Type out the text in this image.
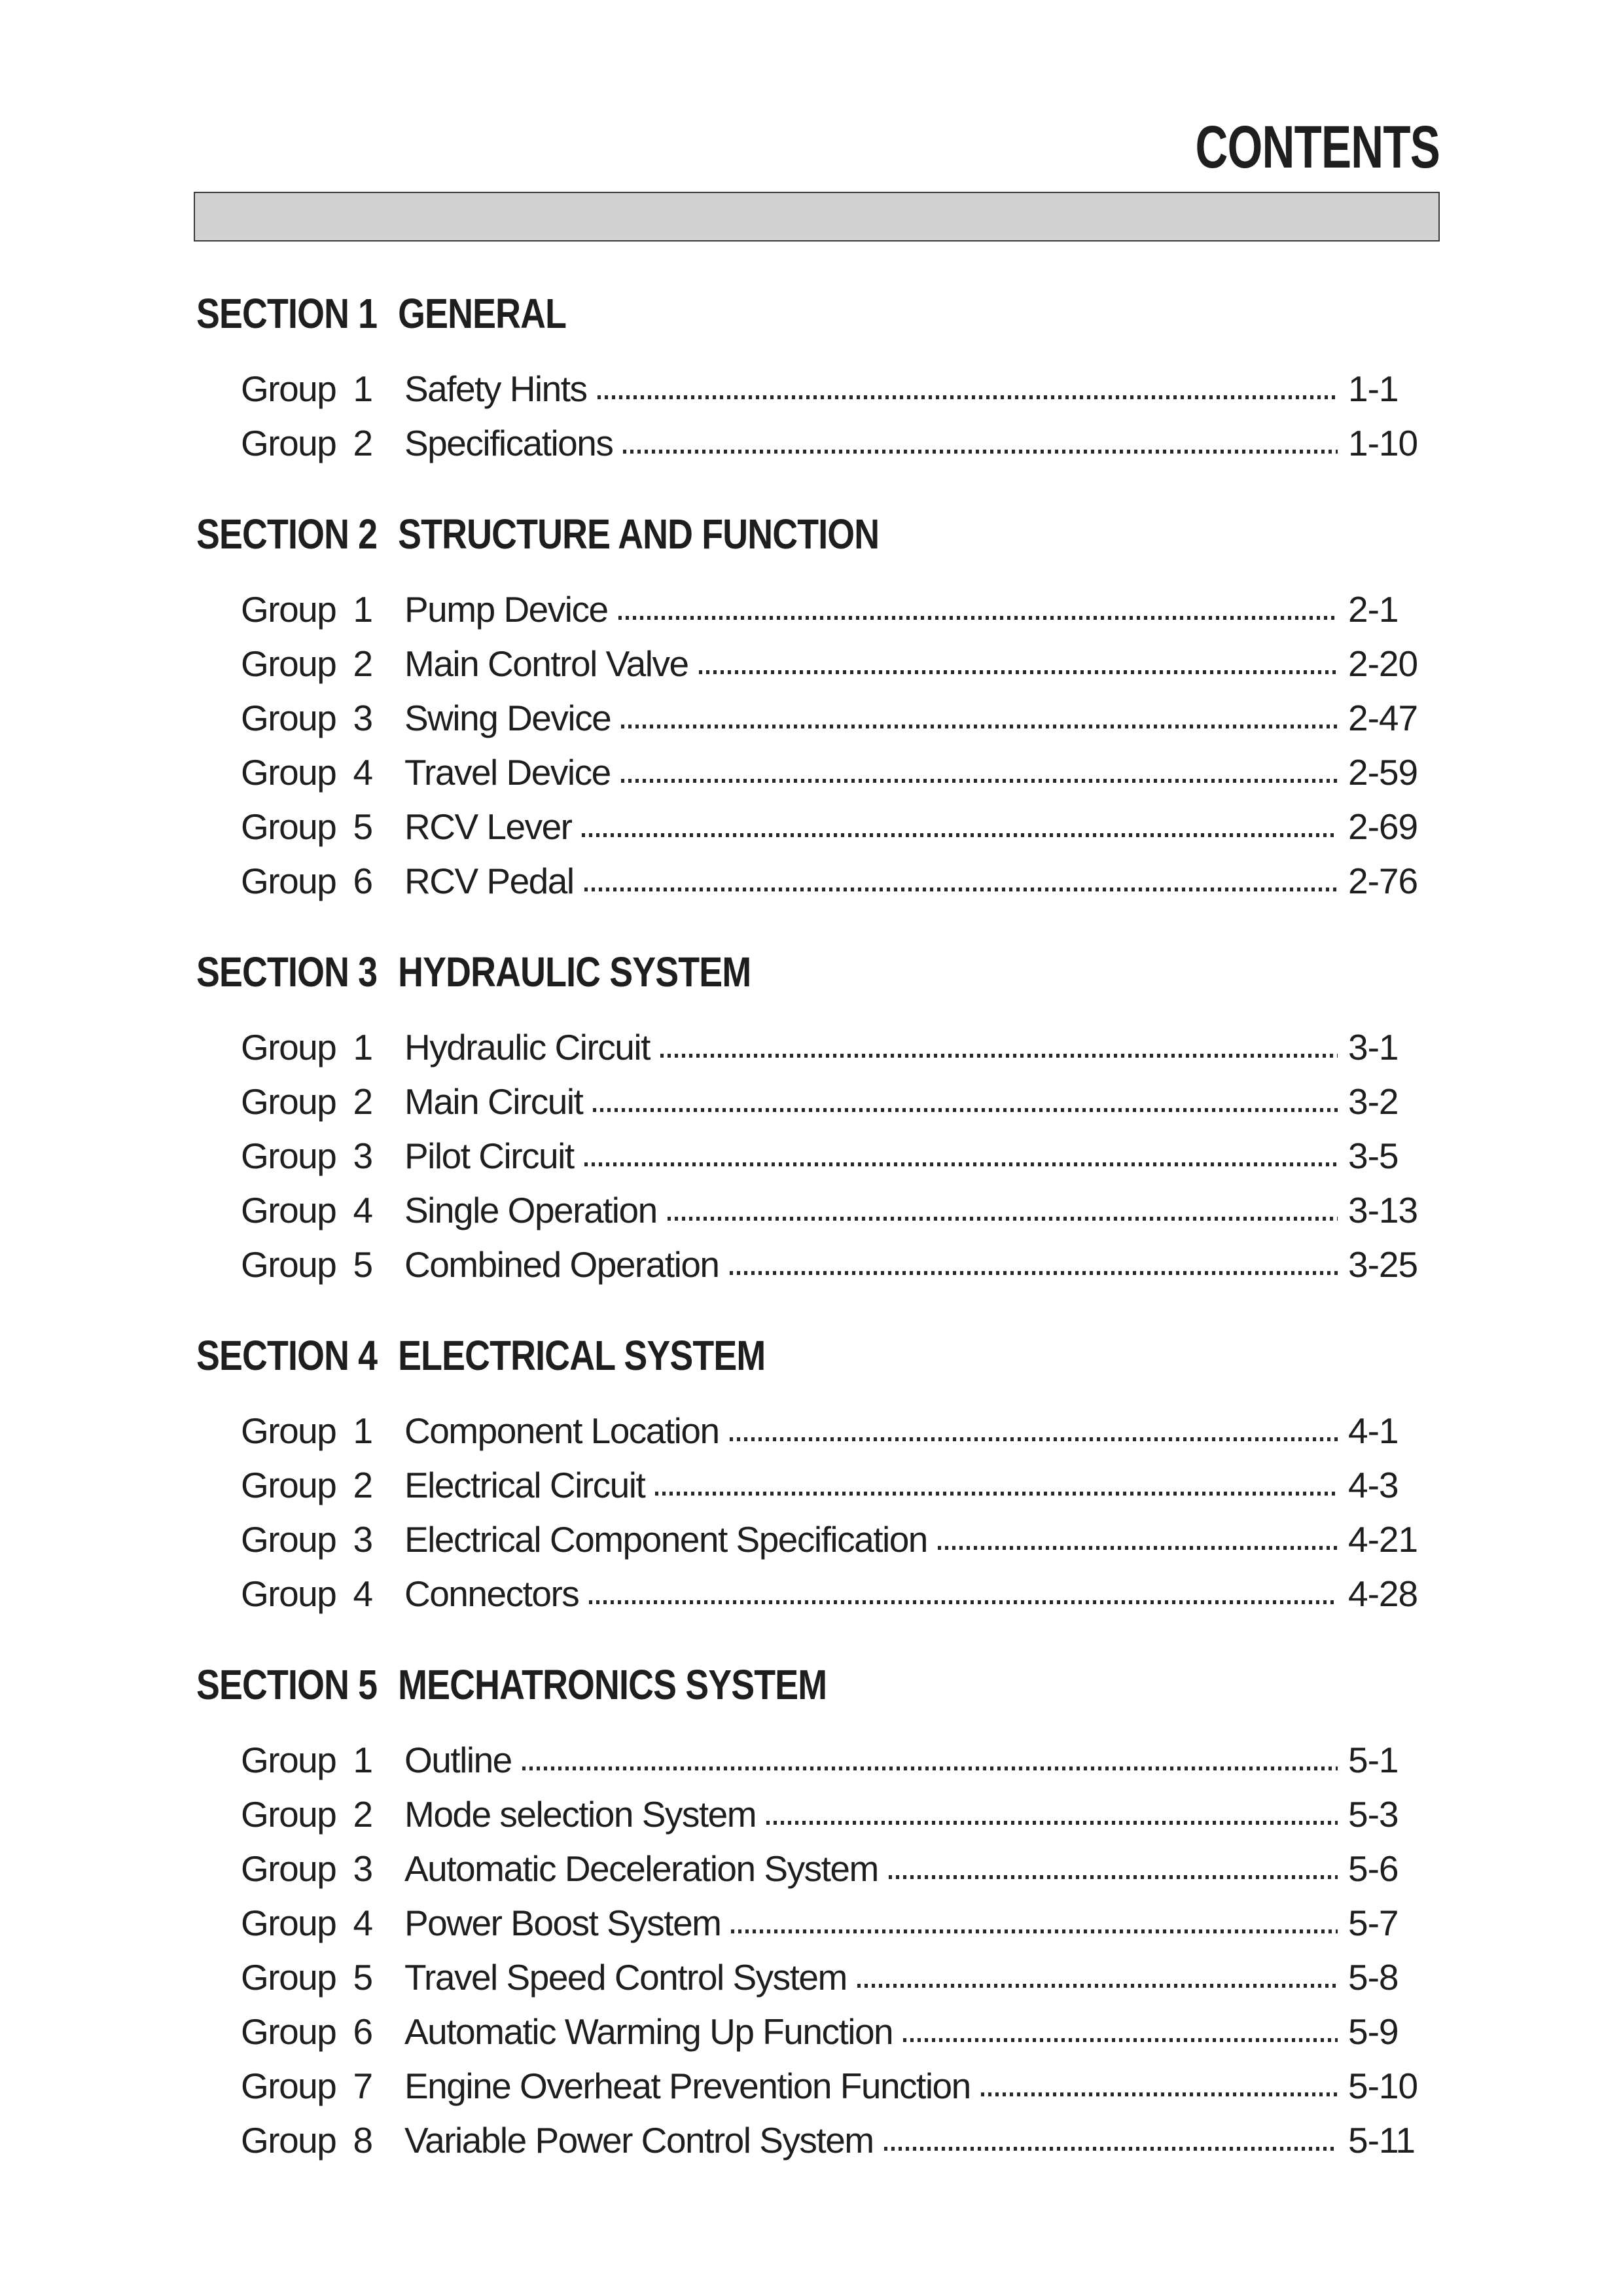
CONTENTS
SECTION 1 GENERAL
Group 1 Safety Hints	1-1
Group 2 Specifications	1-10
SECTION 2 STRUCTURE AND FUNCTION
Group 1 Pump Device	2-1
Group 2 Main Control Valve	2-20
Group 3 Swing Device	2-47
Group 4 Travel Device	2-59
Group 5 RCV Lever	2-69
Group 6 RCV Pedal	2-76
SECTION 3 HYDRAULIC SYSTEM
Group 1 Hydraulic Circuit	3-1
Group 2 Main Circuit	3-2
Group 3 Pilot Circuit	3-5
Group 4 Single Operation	3-13
Group 5 Combined Operation	3-25
SECTION 4 ELECTRICAL SYSTEM
Group 1 Component Location	4-1
Group 2 Electrical Circuit	4-3
Group 3 Electrical Component Specification	4-21
Group 4 Connectors	4-28
SECTION 5 MECHATRONICS SYSTEM
Group 1 Outline	5-1
Group 2 Mode selection System	5-3
Group 3 Automatic Deceleration System	5-6
Group 4 Power Boost System	5-7
Group 5 Travel Speed Control System	5-8
Group 6 Automatic Warming Up Function	5-9
Group 7 Engine Overheat Prevention Function	5-10
Group 8 Variable Power Control System	5-11
